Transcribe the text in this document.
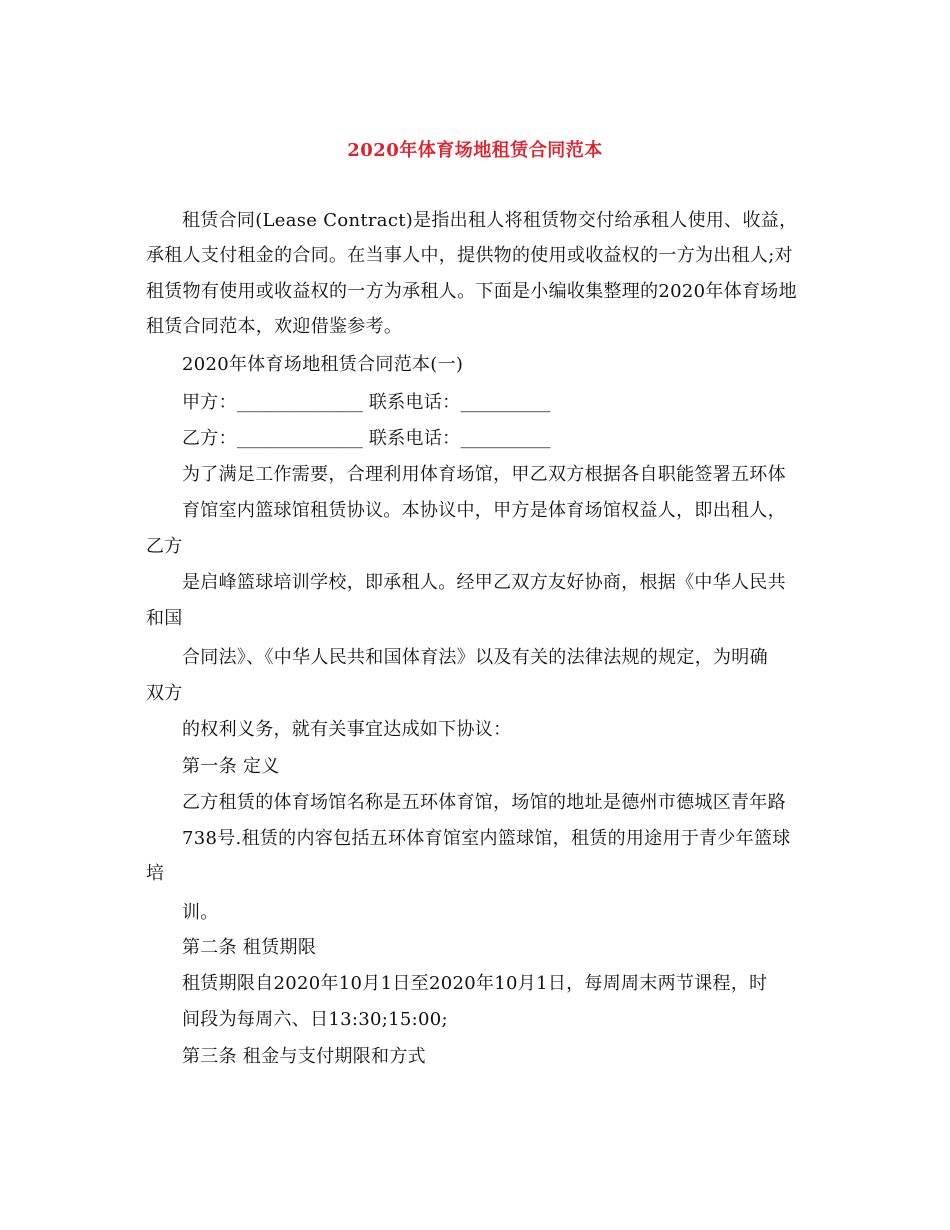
2020年体育场地租赁合同范本
租赁合同(Lease Contract)是指出租人将租赁物交付给承租人使用、收益，
承租人支付租金的合同。在当事人中，提供物的使用或收益权的一方为出租人;对
租赁物有使用或收益权的一方为承租人。下面是小编收集整理的2020年体育场地
租赁合同范本，欢迎借鉴参考。
2020年体育场地租赁合同范本(一)
甲方：______________ 联系电话：__________
乙方：______________ 联系电话：__________
为了满足工作需要，合理利用体育场馆，甲乙双方根据各自职能签署五环体
育馆室内篮球馆租赁协议。本协议中，甲方是体育场馆权益人，即出租人，
乙方
是启峰篮球培训学校，即承租人。经甲乙双方友好协商，根据《中华人民共
和国
合同法》、《中华人民共和国体育法》以及有关的法律法规的规定，为明确
双方
的权利义务，就有关事宜达成如下协议：
第一条 定义
乙方租赁的体育场馆名称是五环体育馆，场馆的地址是德州市德城区青年路
738号.租赁的内容包括五环体育馆室内篮球馆，租赁的用途用于青少年篮球
培
训。
第二条 租赁期限
租赁期限自2020年10月1日至2020年10月1日，每周周末两节课程，时
间段为每周六、日13:30;15:00;
第三条 租金与支付期限和方式
